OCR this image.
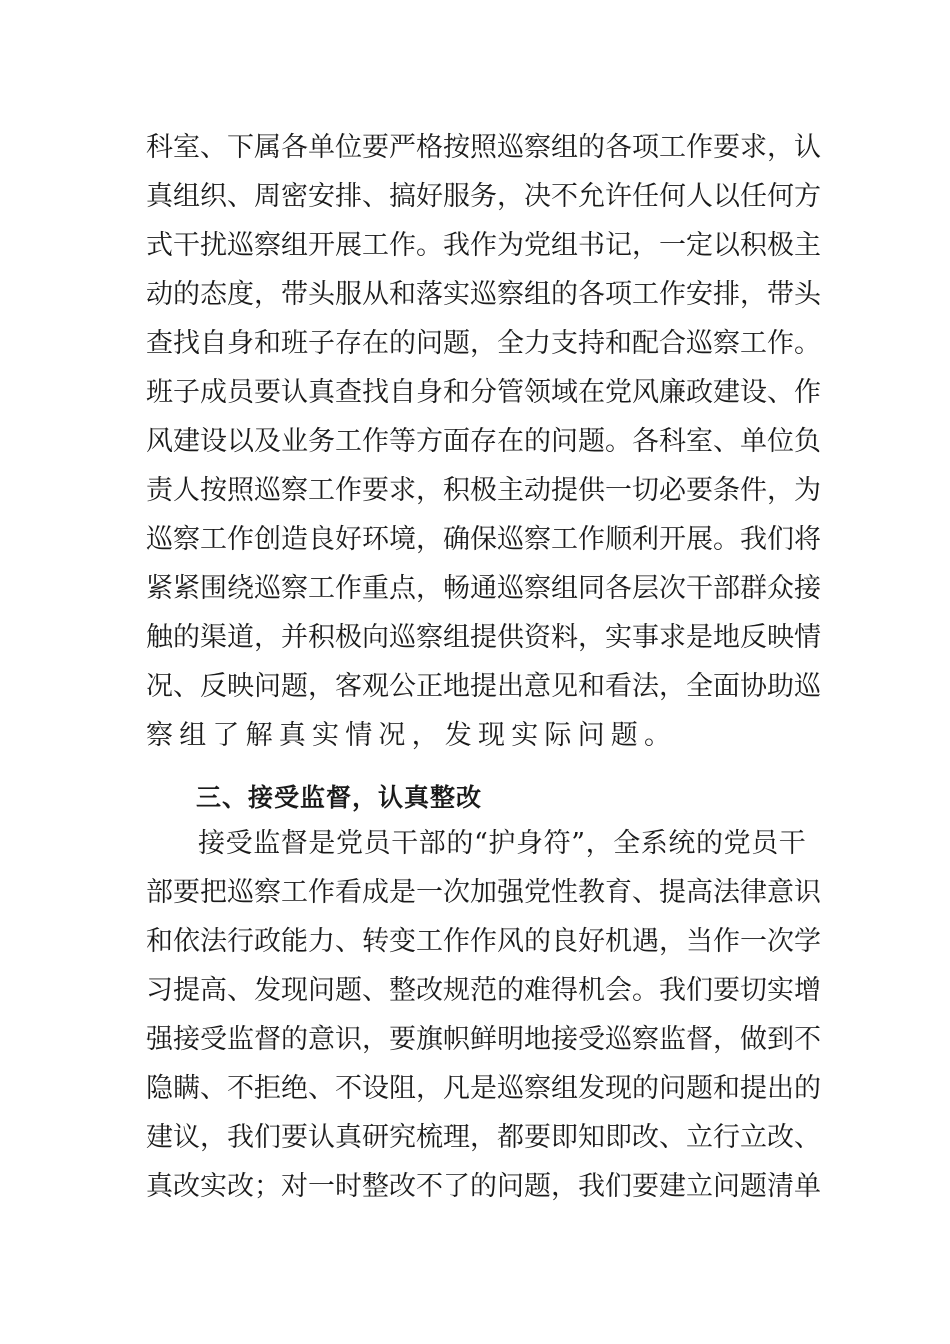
科室、下属各单位要严格按照巡察组的各项工作要求，认
真组织、周密安排、搞好服务，决不允许任何人以任何方
式干扰巡察组开展工作。我作为党组书记，一定以积极主
动的态度，带头服从和落实巡察组的各项工作安排，带头
查找自身和班子存在的问题，全力支持和配合巡察工作。
班子成员要认真查找自身和分管领域在党风廉政建设、作
风建设以及业务工作等方面存在的问题。各科室、单位负
责人按照巡察工作要求，积极主动提供一切必要条件，为
巡察工作创造良好环境，确保巡察工作顺利开展。我们将
紧紧围绕巡察工作重点，畅通巡察组同各层次干部群众接
触的渠道，并积极向巡察组提供资料，实事求是地反映情
况、反映问题，客观公正地提出意见和看法，全面协助巡
察组了解真实情况，发现实际问题。
三、接受监督，认真整改
接受监督是党员干部的“护身符”，全系统的党员干
部要把巡察工作看成是一次加强党性教育、提高法律意识
和依法行政能力、转变工作作风的良好机遇，当作一次学
习提高、发现问题、整改规范的难得机会。我们要切实增
强接受监督的意识，要旗帜鲜明地接受巡察监督，做到不
隐瞒、不拒绝、不设阻，凡是巡察组发现的问题和提出的
建议，我们要认真研究梳理，都要即知即改、立行立改、
真改实改；对一时整改不了的问题，我们要建立问题清单
